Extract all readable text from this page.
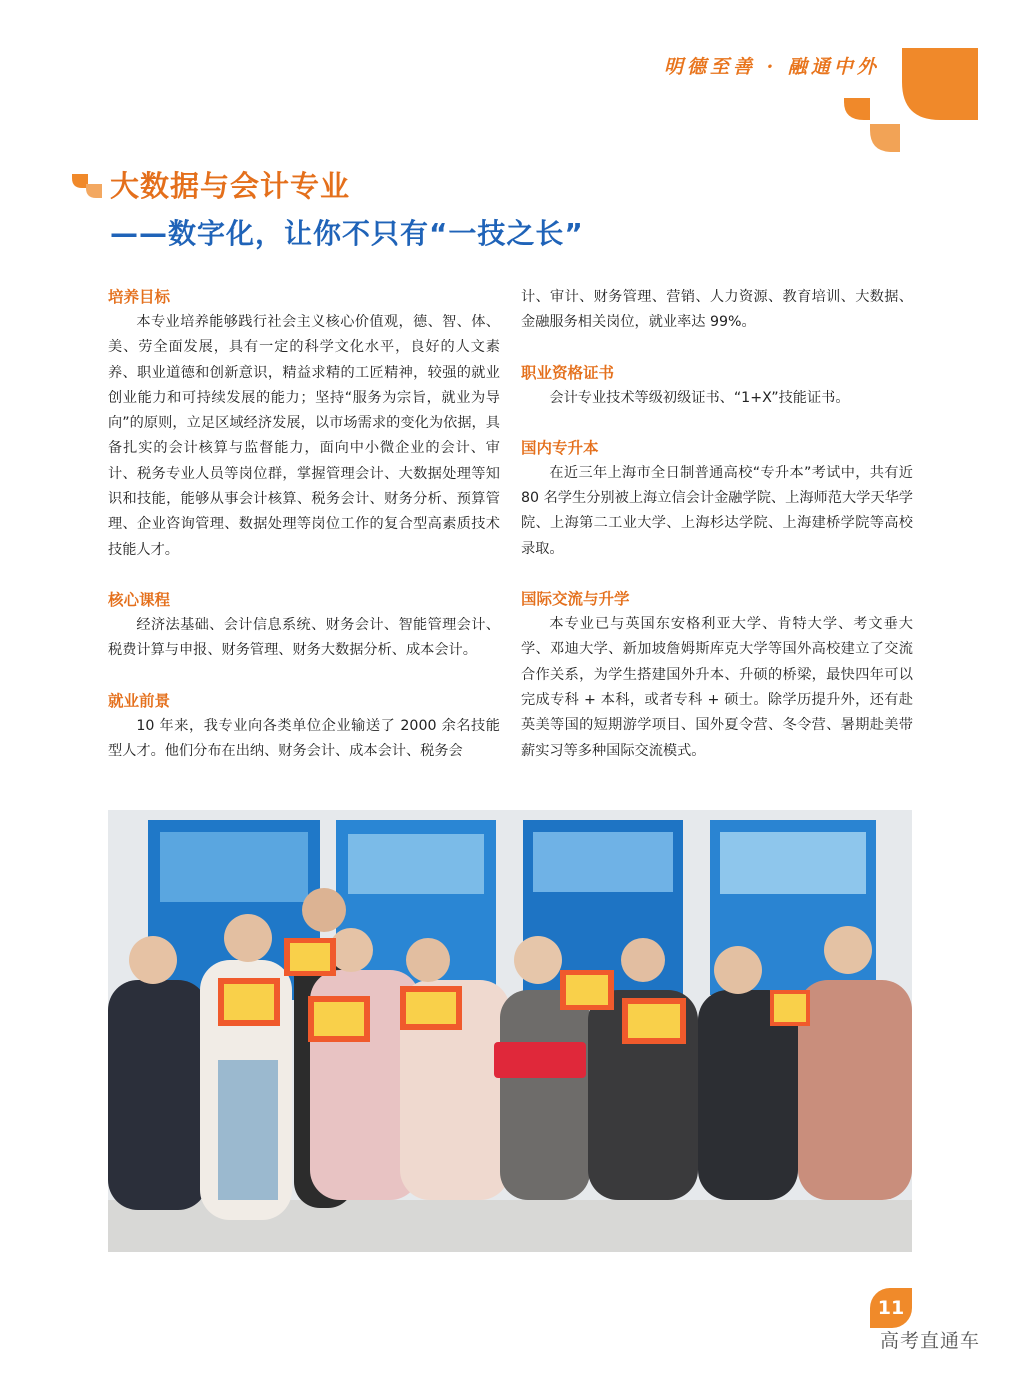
明德至善 · 融通中外
大数据与会计专业
——数字化，让你不只有“一技之长”

培养目标

本专业培养能够践行社会主义核心价值观，德、智、体、美、劳全面发展，具有一定的科学文化水平，良好的人文素养、职业道德和创新意识，精益求精的工匠精神，较强的就业创业能力和可持续发展的能力；坚持“服务为宗旨，就业为导向”的原则，立足区域经济发展，以市场需求的变化为依据，具备扎实的会计核算与监督能力，面向中小微企业的会计、审计、税务专业人员等岗位群，掌握管理会计、大数据处理等知识和技能，能够从事会计核算、税务会计、财务分析、预算管理、企业咨询管理、数据处理等岗位工作的复合型高素质技术技能人才。

核心课程

经济法基础、会计信息系统、财务会计、智能管理会计、税费计算与申报、财务管理、财务大数据分析、成本会计。

就业前景

10 年来，我专业向各类单位企业输送了 2000 余名技能型人才。他们分布在出纳、财务会计、成本会计、税务会

计、审计、财务管理、营销、人力资源、教育培训、大数据、金融服务相关岗位，就业率达 99%。

职业资格证书

会计专业技术等级初级证书、“1+X”技能证书。

国内专升本

在近三年上海市全日制普通高校“专升本”考试中，共有近 80 名学生分别被上海立信会计金融学院、上海师范大学天华学院、上海第二工业大学、上海杉达学院、上海建桥学院等高校录取。

国际交流与升学

本专业已与英国东安格利亚大学、肯特大学、考文垂大学、邓迪大学、新加坡詹姆斯库克大学等国外高校建立了交流合作关系，为学生搭建国外升本、升硕的桥梁，最快四年可以完成专科 + 本科，或者专科 + 硕士。除学历提升外，还有赴英美等国的短期游学项目、国外夏令营、冬令营、暑期赴美带薪实习等多种国际交流模式。

11
高考直通车
